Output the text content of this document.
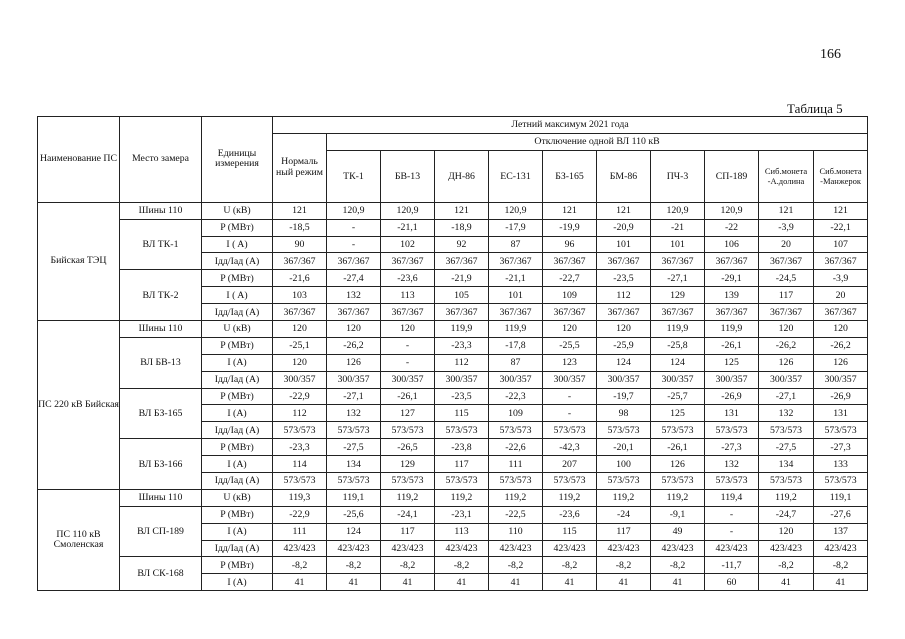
166
Таблица 5
Наименование ПС	Место замера	Единицы измерения	Летний максимум 2021 года										
			Нормаль ный режим	Отключение одной ВЛ 110 кВ									
				ТК-1	БВ-13	ДН-86	ЕС-131	БЗ-165	БМ-86	ПЧ-3	СП-189	Сиб.монета -А.долина	Сиб.монета -Манжерок
Бийская ТЭЦ	Шины 110	U (кВ)	121	120,9	120,9	121	120,9	121	121	120,9	120,9	121	121
	ВЛ ТК-1	P (МВт)	-18,5	-	-21,1	-18,9	-17,9	-19,9	-20,9	-21	-22	-3,9	-22,1
		I ( A)	90	-	102	92	87	96	101	101	106	20	107
		Iдд/Iад (А)	367/367	367/367	367/367	367/367	367/367	367/367	367/367	367/367	367/367	367/367	367/367
	ВЛ ТК-2	P (МВт)	-21,6	-27,4	-23,6	-21,9	-21,1	-22,7	-23,5	-27,1	-29,1	-24,5	-3,9
		I ( A)	103	132	113	105	101	109	112	129	139	117	20
		Iдд/Iад (А)	367/367	367/367	367/367	367/367	367/367	367/367	367/367	367/367	367/367	367/367	367/367
ПС 220 кВ Бийская	Шины 110	U (кВ)	120	120	120	119,9	119,9	120	120	119,9	119,9	120	120
	ВЛ БВ-13	P (МВт)	-25,1	-26,2	-	-23,3	-17,8	-25,5	-25,9	-25,8	-26,1	-26,2	-26,2
		I (A)	120	126	-	112	87	123	124	124	125	126	126
		Iдд/Iад (А)	300/357	300/357	300/357	300/357	300/357	300/357	300/357	300/357	300/357	300/357	300/357
	ВЛ БЗ-165	P (МВт)	-22,9	-27,1	-26,1	-23,5	-22,3	-	-19,7	-25,7	-26,9	-27,1	-26,9
		I (A)	112	132	127	115	109	-	98	125	131	132	131
		Iдд/Iад (А)	573/573	573/573	573/573	573/573	573/573	573/573	573/573	573/573	573/573	573/573	573/573
	ВЛ БЗ-166	P (МВт)	-23,3	-27,5	-26,5	-23,8	-22,6	-42,3	-20,1	-26,1	-27,3	-27,5	-27,3
		I (A)	114	134	129	117	111	207	100	126	132	134	133
		Iдд/Iад (А)	573/573	573/573	573/573	573/573	573/573	573/573	573/573	573/573	573/573	573/573	573/573
ПС 110 кВ Смоленская	Шины 110	U (кВ)	119,3	119,1	119,2	119,2	119,2	119,2	119,2	119,2	119,4	119,2	119,1
	ВЛ СП-189	P (МВт)	-22,9	-25,6	-24,1	-23,1	-22,5	-23,6	-24	-9,1	-	-24,7	-27,6
		I (A)	111	124	117	113	110	115	117	49	-	120	137
		Iдд/Iад (А)	423/423	423/423	423/423	423/423	423/423	423/423	423/423	423/423	423/423	423/423	423/423
	ВЛ СК-168	P (МВт)	-8,2	-8,2	-8,2	-8,2	-8,2	-8,2	-8,2	-8,2	-11,7	-8,2	-8,2
		I (A)	41	41	41	41	41	41	41	41	60	41	41
